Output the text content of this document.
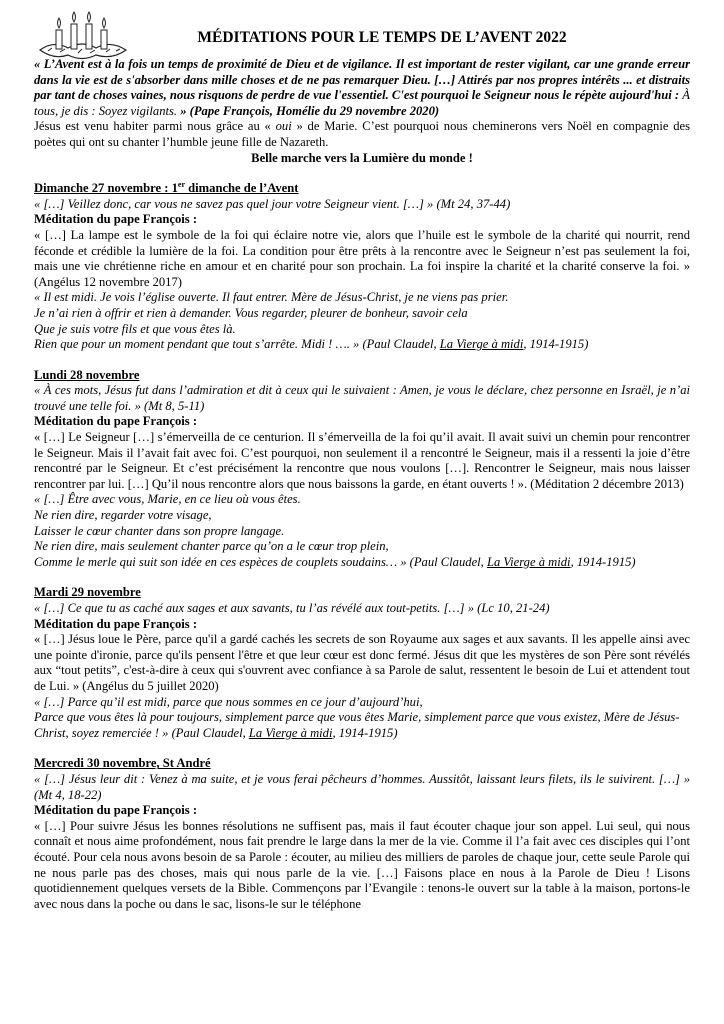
MÉDITATIONS POUR LE TEMPS DE L’AVENT 2022

« L’Avent est à la fois un temps de proximité de Dieu et de vigilance. Il est important de rester vigilant, car une grande erreur dans la vie est de s'absorber dans mille choses et de ne pas remarquer Dieu. […] Attirés par nos propres intérêts ... et distraits par tant de choses vaines, nous risquons de perdre de vue l'essentiel. C'est pourquoi le Seigneur nous le répète aujourd'hui : À tous, je dis : Soyez vigilants. » (Pape François, Homélie du 29 novembre 2020)

Jésus est venu habiter parmi nous grâce au « oui » de Marie. C’est pourquoi nous cheminerons vers Noël en compagnie des poètes qui ont su chanter l’humble jeune fille de Nazareth.

Belle marche vers la Lumière du monde !

Dimanche 27 novembre : 1er dimanche de l’Avent

« […] Veillez donc, car vous ne savez pas quel jour votre Seigneur vient. […] » (Mt 24, 37-44)

Méditation du pape François :

« […] La lampe est le symbole de la foi qui éclaire notre vie, alors que l’huile est le symbole de la charité qui nourrit, rend féconde et crédible la lumière de la foi. La condition pour être prêts à la rencontre avec le Seigneur n’est pas seulement la foi, mais une vie chrétienne riche en amour et en charité pour son prochain. La foi inspire la charité et la charité conserve la foi. » (Angélus 12 novembre 2017)

« Il est midi. Je vois l’église ouverte. Il faut entrer. Mère de Jésus-Christ, je ne viens pas prier.

Je n’ai rien à offrir et rien à demander. Vous regarder, pleurer de bonheur, savoir cela

Que je suis votre fils et que vous êtes là.

Rien que pour un moment pendant que tout s’arrête. Midi ! …. » (Paul Claudel, La Vierge à midi, 1914-1915)

Lundi 28 novembre

« À ces mots, Jésus fut dans l’admiration et dit à ceux qui le suivaient : Amen, je vous le déclare, chez personne en Israël, je n’ai trouvé une telle foi. » (Mt 8, 5-11)

Méditation du pape François :

« […] Le Seigneur […] s’émerveilla de ce centurion. Il s’émerveilla de la foi qu’il avait. Il avait suivi un chemin pour rencontrer le Seigneur. Mais il l’avait fait avec foi. C’est pourquoi, non seulement il a rencontré le Seigneur, mais il a ressenti la joie d’être rencontré par le Seigneur. Et c’est précisément la rencontre que nous voulons […]. Rencontrer le Seigneur, mais nous laisser rencontrer par lui. […] Qu’il nous rencontre alors que nous baissons la garde, en étant ouverts ! ». (Méditation 2 décembre 2013)

« […] Être avec vous, Marie, en ce lieu où vous êtes.

Ne rien dire, regarder votre visage,

Laisser le cœur chanter dans son propre langage.

Ne rien dire, mais seulement chanter parce qu’on a le cœur trop plein,

Comme le merle qui suit son idée en ces espèces de couplets soudains… » (Paul Claudel, La Vierge à midi, 1914-1915)

Mardi 29 novembre

« […] Ce que tu as caché aux sages et aux savants, tu l’as révélé aux tout-petits. […] » (Lc 10, 21-24)

Méditation du pape François :

« […] Jésus loue le Père, parce qu'il a gardé cachés les secrets de son Royaume aux sages et aux savants. Il les appelle ainsi avec une pointe d'ironie, parce qu'ils pensent l'être et que leur cœur est donc fermé. Jésus dit que les mystères de son Père sont révélés aux “tout petits”, c'est-à-dire à ceux qui s'ouvrent avec confiance à sa Parole de salut, ressentent le besoin de Lui et attendent tout de Lui. » (Angélus du 5 juillet 2020)

« […] Parce qu’il est midi, parce que nous sommes en ce jour d’aujourd’hui,

Parce que vous êtes là pour toujours, simplement parce que vous êtes Marie, simplement parce que vous existez, Mère de Jésus-Christ, soyez remerciée ! » (Paul Claudel, La Vierge à midi, 1914-1915)

Mercredi 30 novembre, St André

« […] Jésus leur dit : Venez à ma suite, et je vous ferai pêcheurs d’hommes. Aussitôt, laissant leurs filets, ils le suivirent. […] » (Mt 4, 18-22)

Méditation du pape François :

« […] Pour suivre Jésus les bonnes résolutions ne suffisent pas, mais il faut écouter chaque jour son appel. Lui seul, qui nous connaît et nous aime profondément, nous fait prendre le large dans la mer de la vie. Comme il l’a fait avec ces disciples qui l’ont écouté. Pour cela nous avons besoin de sa Parole : écouter, au milieu des milliers de paroles de chaque jour, cette seule Parole qui ne nous parle pas des choses, mais qui nous parle de la vie. […] Faisons place en nous à la Parole de Dieu ! Lisons quotidiennement quelques versets de la Bible. Commençons par l’Evangile : tenons-le ouvert sur la table à la maison, portons-le avec nous dans la poche ou dans le sac, lisons-le sur le téléphone
